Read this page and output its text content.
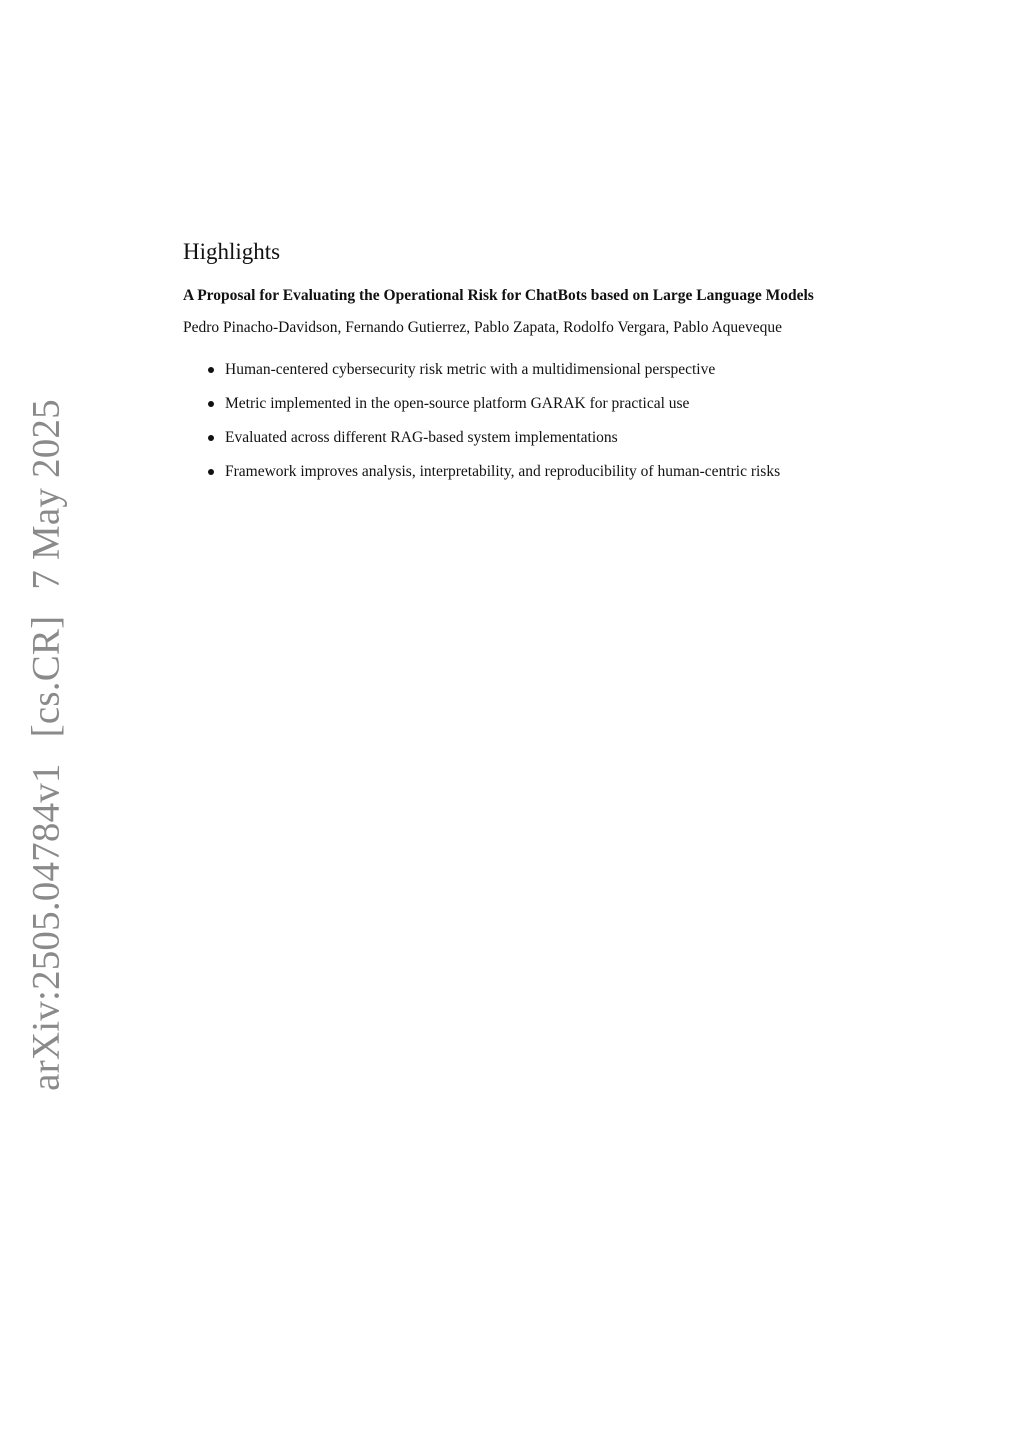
arXiv:2505.04784v1[cs.CR]7 May 2025
Highlights
A Proposal for Evaluating the Operational Risk for ChatBots based on Large Language Models
Pedro Pinacho-Davidson, Fernando Gutierrez, Pablo Zapata, Rodolfo Vergara, Pablo Aqueveque
Human-centered cybersecurity risk metric with a multidimensional perspective
Metric implemented in the open-source platform GARAK for practical use
Evaluated across different RAG-based system implementations
Framework improves analysis, interpretability, and reproducibility of human-centric risks
